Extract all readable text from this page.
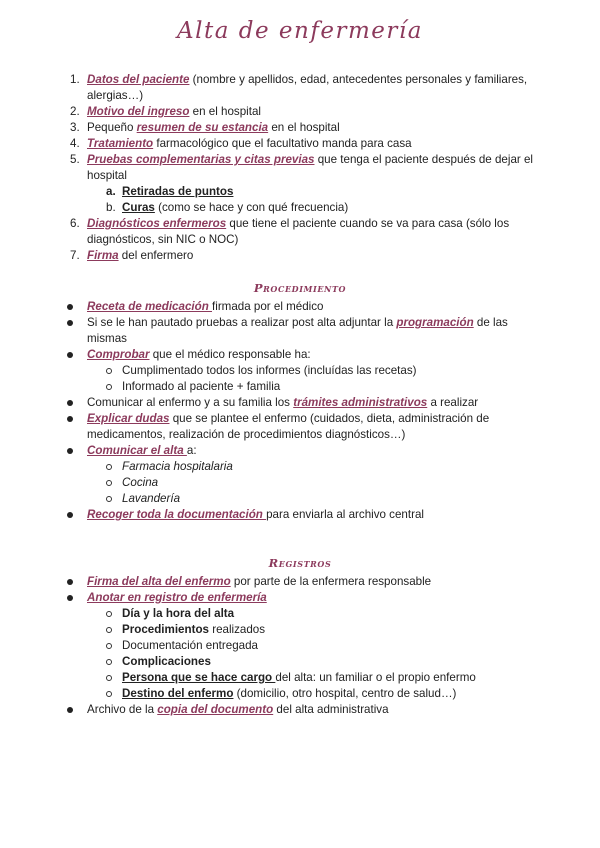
Alta de enfermería
1. Datos del paciente (nombre y apellidos, edad, antecedentes personales y familiares,
alergias…)
2. Motivo del ingreso en el hospital
3. Pequeño resumen de su estancia en el hospital
4. Tratamiento farmacológico que el facultativo manda para casa
5. Pruebas complementarias y citas previas que tenga el paciente después de dejar el
hospital
a. Retiradas de puntos
b. Curas (como se hace y con qué frecuencia)
6. Diagnósticos enfermeros que tiene el paciente cuando se va para casa (sólo los
diagnósticos, sin NIC o NOC)
7. Firma del enfermero
Procedimiento
Receta de medicación firmada por el médico
Si se le han pautado pruebas a realizar post alta adjuntar la programación de las
mismas
Comprobar que el médico responsable ha:
Cumplimentado todos los informes (incluídas las recetas)
Informado al paciente + familia
Comunicar al enfermo y a su familia los trámites administrativos a realizar
Explicar dudas que se plantee el enfermo (cuidados, dieta, administración de
medicamentos, realización de procedimientos diagnósticos…)
Comunicar el alta a:
Farmacia hospitalaria
Cocina
Lavandería
Recoger toda la documentación para enviarla al archivo central
Registros
Firma del alta del enfermo por parte de la enfermera responsable
Anotar en registro de enfermería
Día y la hora del alta
Procedimientos realizados
Documentación entregada
Complicaciones
Persona que se hace cargo del alta: un familiar o el propio enfermo
Destino del enfermo (domicilio, otro hospital, centro de salud…)
Archivo de la copia del documento del alta administrativa
